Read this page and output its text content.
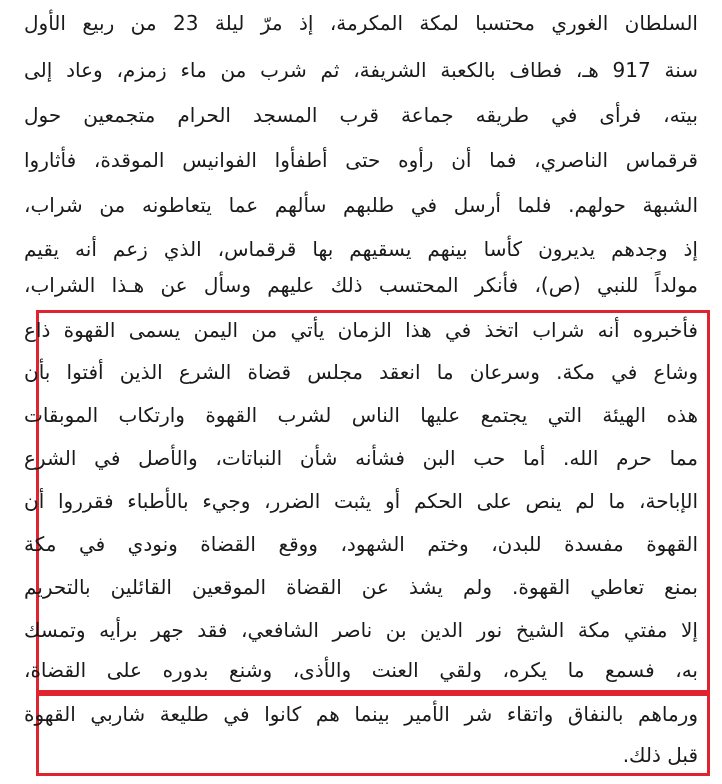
السلطان الغوري محتسبا لمكة المكرمة، إذ مرّ ليلة 23 من ربيع الأول
سنة 917 هـ، فطاف بالكعبة الشريفة، ثم شرب من ماء زمزم، وعاد إلى
بيته، فرأى في طريقه جماعة قرب المسجد الحرام متجمعين حول
قرقماس الناصري، فما أن رأوه حتى أطفأوا الفوانيس الموقدة، فأثاروا
الشبهة حولهم. فلما أرسل في طلبهم سألهم عما يتعاطونه من شراب،
إذ وجدهم يديرون كأسا بينهم يسقيهم بها قرقماس، الذي زعم أنه يقيم
مولداً للنبي (ص)، فأنكر المحتسب ذلك عليهم وسأل عن هـذا الشراب،
فأخبروه أنه شراب اتخذ في هذا الزمان يأتي من اليمن يسمى القهوة ذاع
وشاع في مكة. وسرعان ما انعقد مجلس قضاة الشرع الذين أفتوا بأن
هذه الهيئة التي يجتمع عليها الناس لشرب القهوة وارتكاب الموبقات
مما حرم الله. أما حب البن فشأنه شأن النباتات، والأصل في الشرع
الإباحة، ما لم ينص على الحكم أو يثبت الضرر، وجيء بالأطباء فقرروا أن
القهوة مفسدة للبدن، وختم الشهود، ووقع القضاة ونودي في مكة
بمنع تعاطي القهوة. ولم يشذ عن القضاة الموقعين القائلين بالتحريم
إلا مفتي مكة الشيخ نور الدين بن ناصر الشافعي، فقد جهر برأيه وتمسك
به، فسمع ما يكره، ولقي العنت والأذى، وشنع بدوره على القضاة،
ورماهم بالنفاق واتقاء شر الأمير بينما هم كانوا في طليعة شاربي القهوة
قبل ذلك.
